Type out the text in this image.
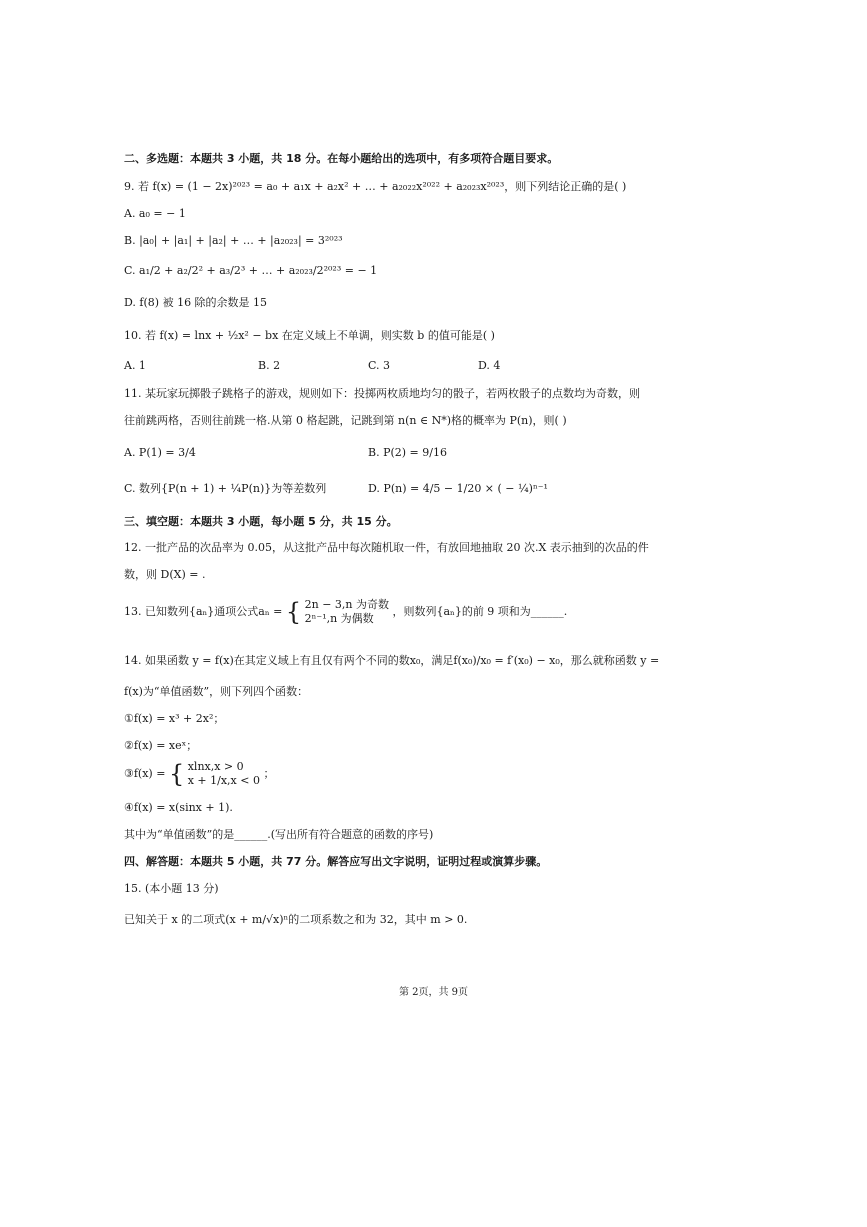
二、多选题：本题共 3 小题，共 18 分。在每小题给出的选项中，有多项符合题目要求。
9. 若 f(x) = (1 − 2x)²⁰²³ = a₀ + a₁x + a₂x² + … + a₂₀₂₂x²⁰²² + a₂₀₂₃x²⁰²³，则下列结论正确的是( )
A. a₀ = − 1
B. |a₀| + |a₁| + |a₂| + … + |a₂₀₂₃| = 3²⁰²³
C. a₁/2 + a₂/2² + a₃/2³ + … + a₂₀₂₃/2²⁰²³ = − 1
D. f(8) 被 16 除的余数是 15
10. 若 f(x) = lnx + ½x² − bx 在定义域上不单调，则实数 b 的值可能是( )
A. 1	B. 2	C. 3	D. 4
11. 某玩家玩掷骰子跳格子的游戏，规则如下：投掷两枚质地均匀的骰子，若两枚骰子的点数均为奇数，则
往前跳两格，否则往前跳一格.从第 0 格起跳，记跳到第 n(n ∈ N*)格的概率为 P(n)，则( )
A. P(1) = 3/4	B. P(2) = 9/16
C. 数列{P(n + 1) + ¼P(n)}为等差数列	D. P(n) = 4/5 − 1/20 × ( − ¼)ⁿ⁻¹
三、填空题：本题共 3 小题，每小题 5 分，共 15 分。
12. 一批产品的次品率为 0.05，从这批产品中每次随机取一件，有放回地抽取 20 次.X 表示抽到的次品的件
数，则 D(X) = .
13. 已知数列{aₙ}通项公式aₙ = { 2n − 3,n 为奇数
2ⁿ⁻¹,n 为偶数
，则数列{aₙ}的前 9 项和为______.
14. 如果函数 y = f(x)在其定义域上有且仅有两个不同的数x₀，满足f(x₀)/x₀ = f′(x₀) − x₀，那么就称函数 y =
f(x)为“单值函数”，则下列四个函数：
①f(x) = x³ + 2x²；
②f(x) = xeˣ；
③f(x) = { xlnx,x > 0
x + 1/x,x < 0
；
④f(x) = x(sinx + 1).
其中为“单值函数”的是______.(写出所有符合题意的函数的序号)
四、解答题：本题共 5 小题，共 77 分。解答应写出文字说明，证明过程或演算步骤。
15. (本小题 13 分)
已知关于 x 的二项式(x + m/√x)ⁿ的二项系数之和为 32，其中 m > 0.
第 2页，共 9页
